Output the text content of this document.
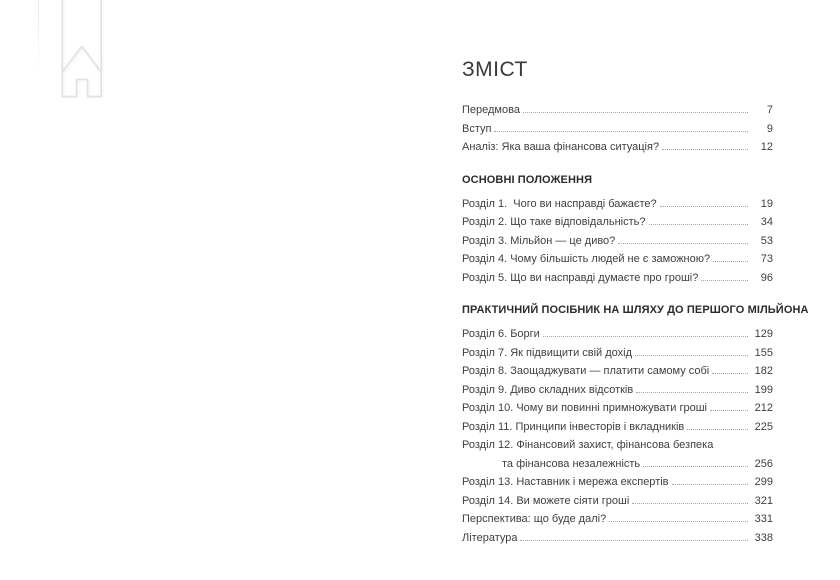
ЗМІСТ
Передмова	7
Вступ	9
Аналіз: Яка ваша фінансова ситуація?	12
ОСНОВНІ ПОЛОЖЕННЯ
Розділ 1.  Чого ви насправді бажаєте?	19
Розділ 2. Що таке відповідальність?	34
Розділ 3. Мільйон — це диво?	53
Розділ 4. Чому більшість людей не є заможною?	73
Розділ 5. Що ви насправді думаєте про гроші?	96
ПРАКТИЧНИЙ ПОСІБНИК НА ШЛЯХУ ДО ПЕРШОГО МІЛЬЙОНА
Розділ 6. Борги	129
Розділ 7. Як підвищити свій дохід	155
Розділ 8. Заощаджувати — платити самому собі	182
Розділ 9. Диво складних відсотків	199
Розділ 10. Чому ви повинні примножувати гроші	212
Розділ 11. Принципи інвесторів і вкладників	225
Розділ 12. Фінансовий захист, фінансова безпека
та фінансова незалежність	256
Розділ 13. Наставник і мережа експертів	299
Розділ 14. Ви можете сіяти гроші	321
Перспектива: що буде далі?	331
Література	338
